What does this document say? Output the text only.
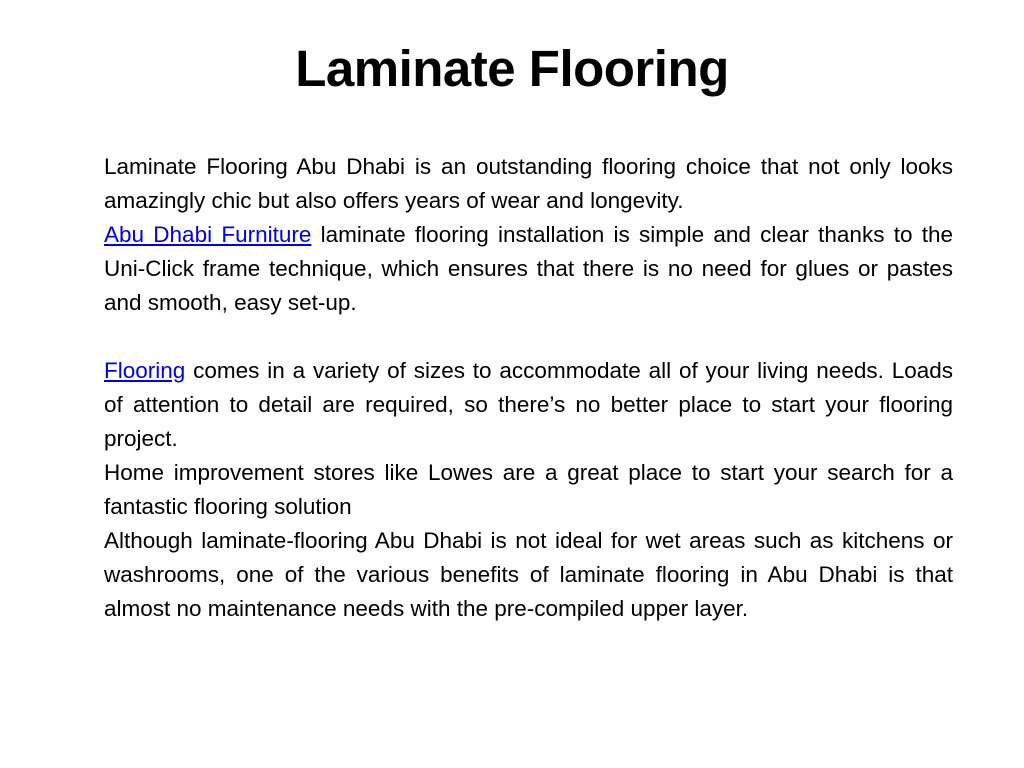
Laminate Flooring

Laminate Flooring Abu Dhabi is an outstanding flooring choice that not only looks amazingly chic but also offers years of wear and longevity.

Abu Dhabi Furniture laminate flooring installation is simple and clear thanks to the Uni-Click frame technique, which ensures that there is no need for glues or pastes and smooth, easy set-up.

Flooring comes in a variety of sizes to accommodate all of your living needs. Loads of attention to detail are required, so there’s no better place to start your flooring project.

Home improvement stores like Lowes are a great place to start your search for a fantastic flooring solution

Although laminate-flooring Abu Dhabi is not ideal for wet areas such as kitchens or washrooms, one of the various benefits of laminate flooring in Abu Dhabi is that almost no maintenance needs with the pre-compiled upper layer.
